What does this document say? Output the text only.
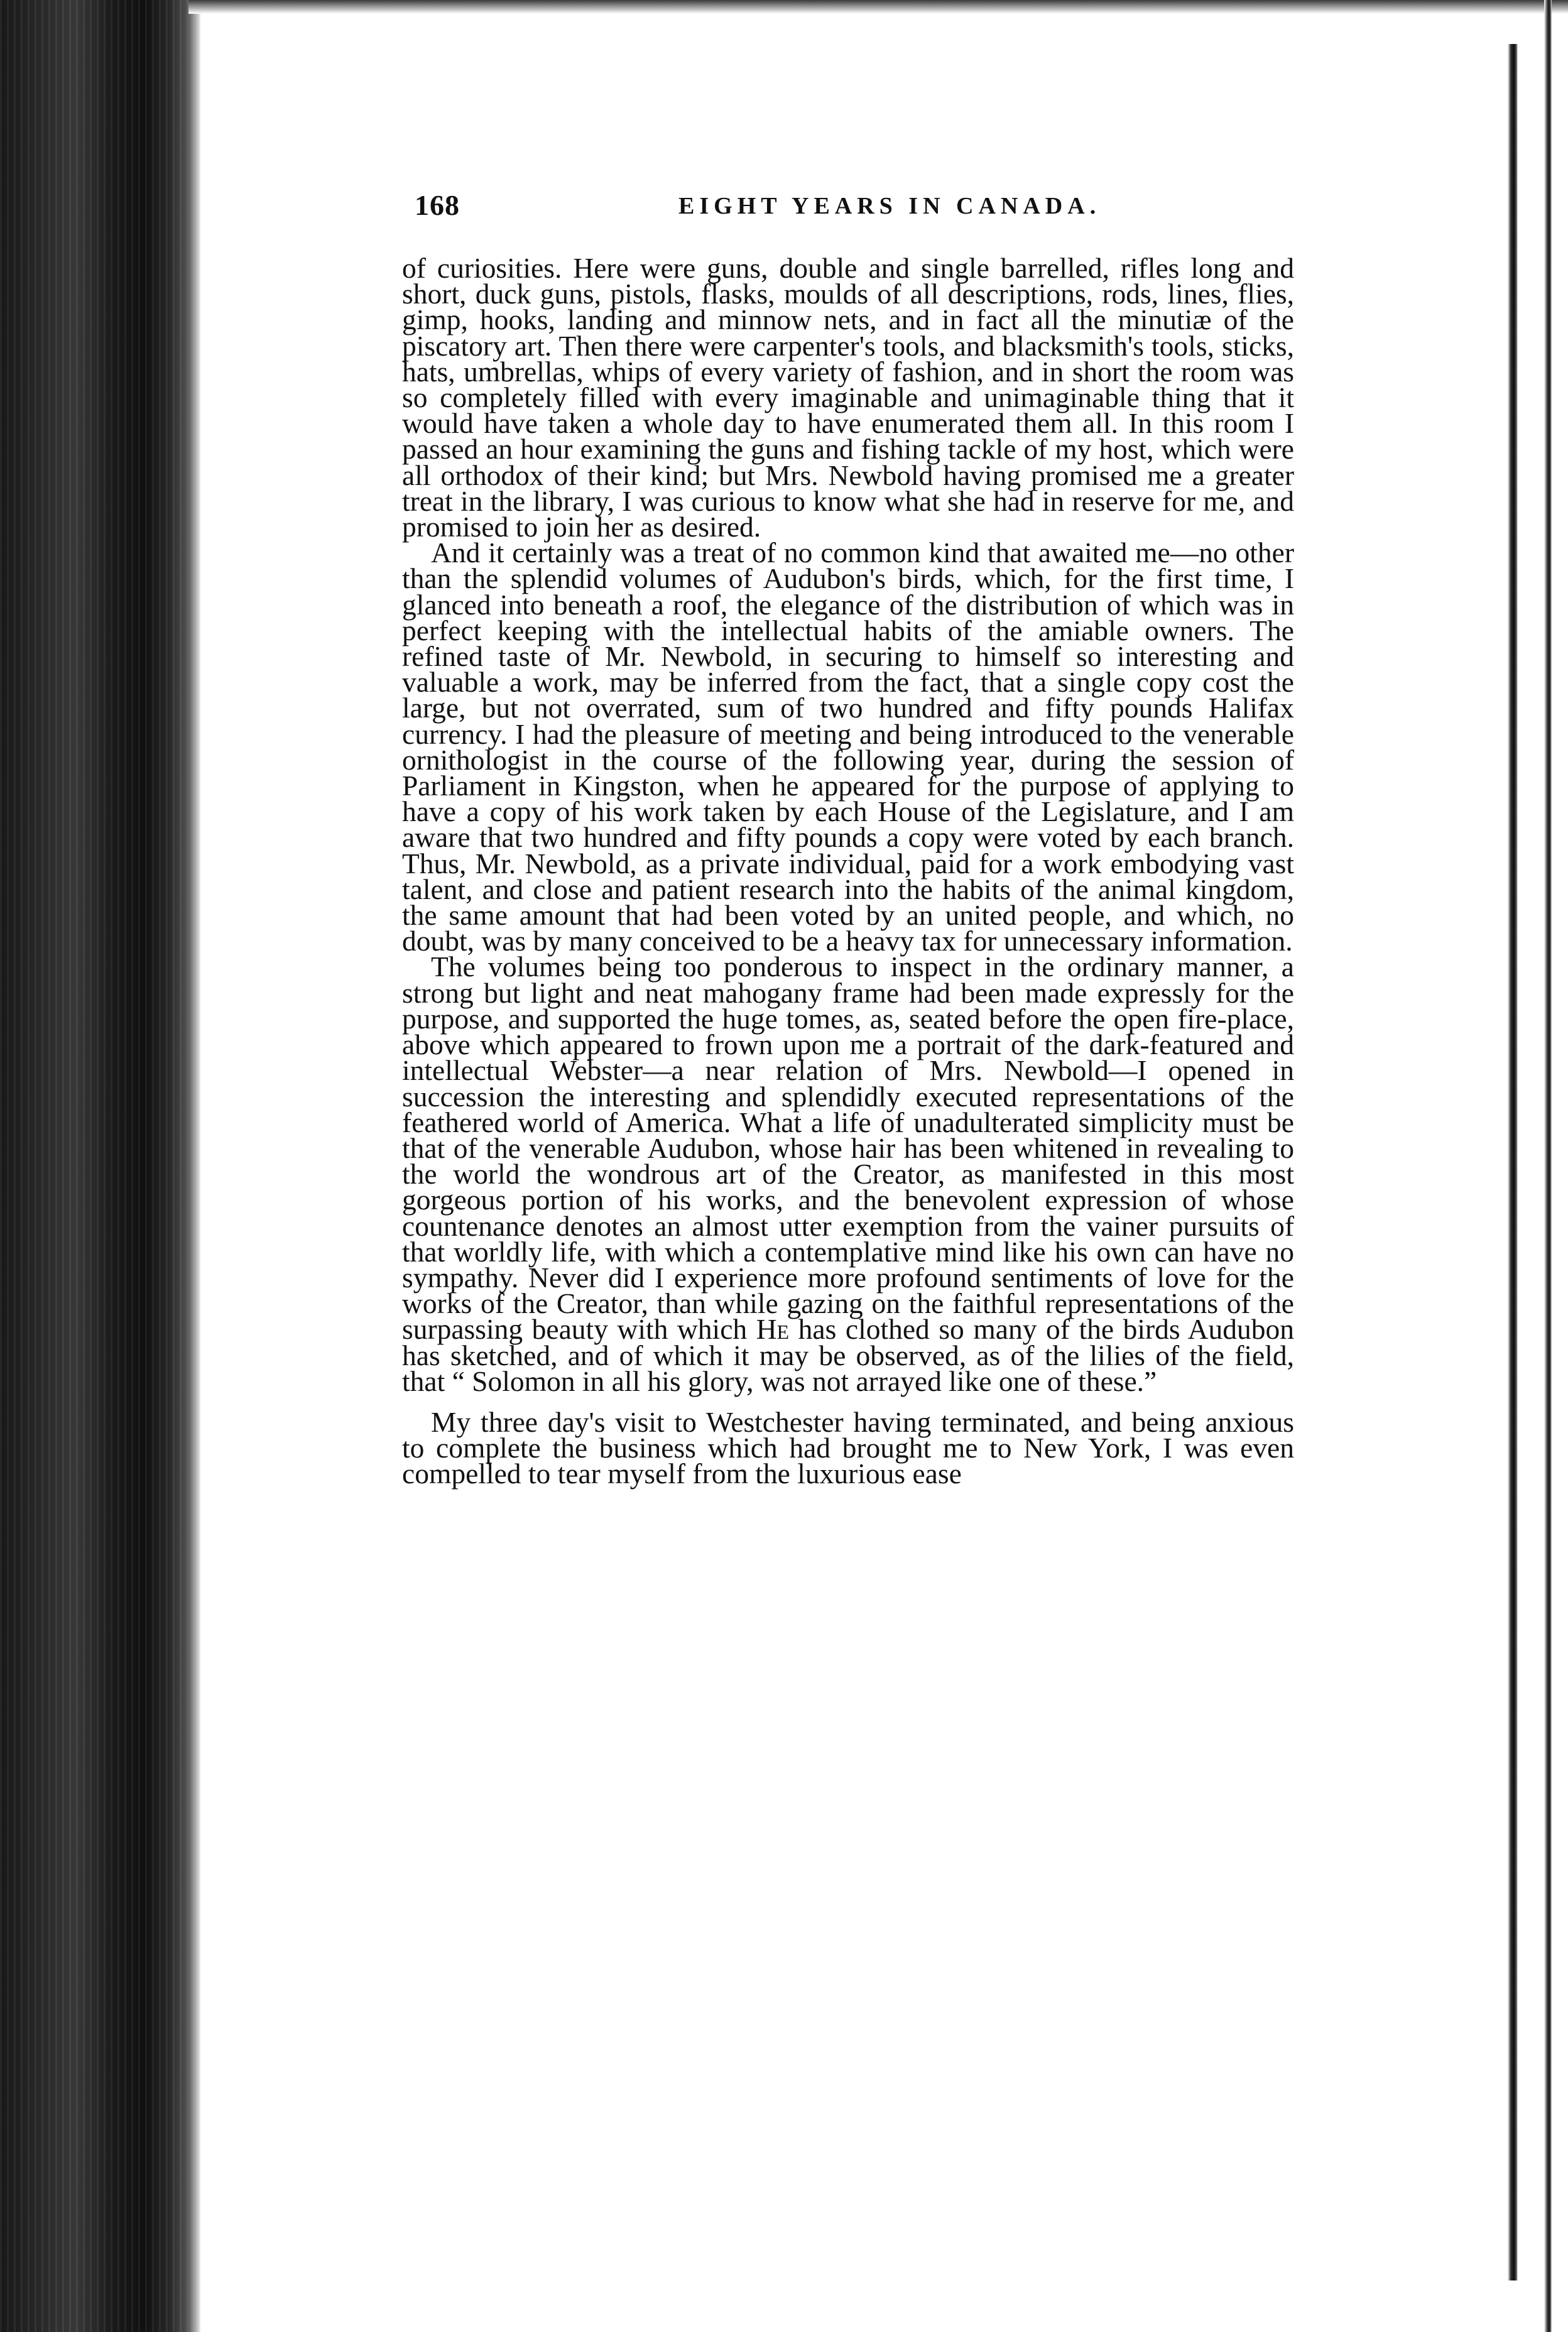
168	EIGHT YEARS IN CANADA.

of curiosities. Here were guns, double and single barrelled, rifles long and short, duck guns, pistols, flasks, moulds of all descriptions, rods, lines, flies, gimp, hooks, landing and minnow nets, and in fact all the minutiæ of the piscatory art. Then there were carpenter's tools, and blacksmith's tools, sticks, hats, umbrellas, whips of every variety of fashion, and in short the room was so completely filled with every imaginable and unimaginable thing that it would have taken a whole day to have enumerated them all. In this room I passed an hour examining the guns and fishing tackle of my host, which were all orthodox of their kind; but Mrs. Newbold having promised me a greater treat in the library, I was curious to know what she had in reserve for me, and promised to join her as desired.

And it certainly was a treat of no common kind that awaited me—no other than the splendid volumes of Audubon's birds, which, for the first time, I glanced into beneath a roof, the elegance of the distribution of which was in perfect keeping with the intellectual habits of the amiable owners. The refined taste of Mr. Newbold, in securing to himself so interesting and valuable a work, may be inferred from the fact, that a single copy cost the large, but not overrated, sum of two hundred and fifty pounds Halifax currency. I had the pleasure of meeting and being introduced to the venerable ornithologist in the course of the following year, during the session of Parliament in Kingston, when he appeared for the purpose of applying to have a copy of his work taken by each House of the Legislature, and I am aware that two hundred and fifty pounds a copy were voted by each branch. Thus, Mr. Newbold, as a private individual, paid for a work embodying vast talent, and close and patient research into the habits of the animal kingdom, the same amount that had been voted by an united people, and which, no doubt, was by many conceived to be a heavy tax for unnecessary information.

The volumes being too ponderous to inspect in the ordinary manner, a strong but light and neat mahogany frame had been made expressly for the purpose, and supported the huge tomes, as, seated before the open fire-place, above which appeared to frown upon me a portrait of the dark-featured and intellectual Webster—a near relation of Mrs. Newbold—I opened in succession the interesting and splendidly executed representations of the feathered world of America. What a life of unadulterated simplicity must be that of the venerable Audubon, whose hair has been whitened in revealing to the world the wondrous art of the Creator, as manifested in this most gorgeous portion of his works, and the benevolent expression of whose countenance denotes an almost utter exemption from the vainer pursuits of that worldly life, with which a contemplative mind like his own can have no sympathy. Never did I experience more profound sentiments of love for the works of the Creator, than while gazing on the faithful representations of the surpassing beauty with which He has clothed so many of the birds Audubon has sketched, and of which it may be observed, as of the lilies of the field, that “ Solomon in all his glory, was not arrayed like one of these.”

My three day's visit to Westchester having terminated, and being anxious to complete the business which had brought me to New York, I was even compelled to tear myself from the luxurious ease
